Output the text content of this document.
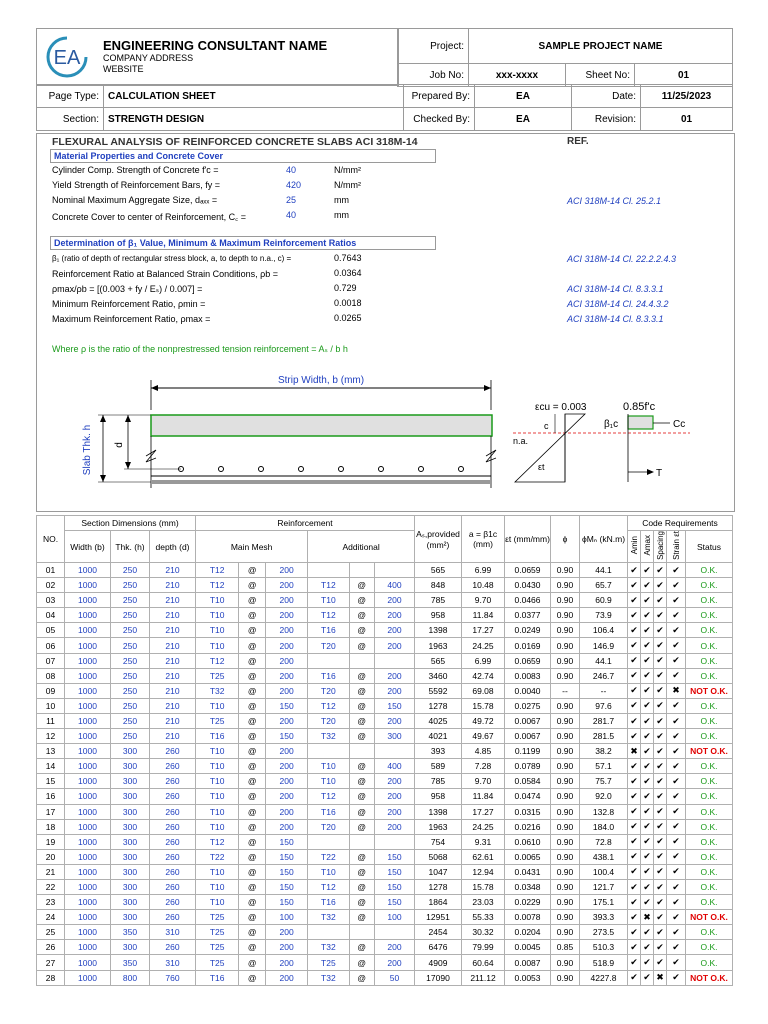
EA
ENGINEERING CONSULTANT NAME
COMPANY ADDRESS
WEBSITE
Project:	SAMPLE PROJECT NAME		
Job No:	xxx-xxxx	Sheet No:	01
Page Type:	CALCULATION SHEET	Prepared By:	EA	Date:	11/25/2023
Section:	STRENGTH DESIGN	Checked By:	EA	Revision:	01
FLEXURAL ANALYSIS OF REINFORCED CONCRETE SLABS ACI 318M-14	REF.
Material Properties and Concrete Cover
Cylinder Comp. Strength of Concrete f'c =	40	N/mm²
Yield Strength of Reinforcement Bars, fy =	420	N/mm²
Nominal Maximum Aggregate Size, dₐₓₓ =	25	mm	ACI 318M-14 Cl. 25.2.1
Concrete Cover to center of Reinforcement, C꜀ =	40	mm
Determination of β₁ Value, Minimum & Maximum Reinforcement Ratios
β₁ (ratio of depth of rectangular stress block, a, to depth to n.a., c) =	0.7643	ACI 318M-14 Cl. 22.2.2.4.3
Reinforcement Ratio at Balanced Strain Conditions, ρb =	0.0364
ρmax/ρb = [(0.003 + fy / Eₛ) / 0.007] =	0.729	ACI 318M-14 Cl. 8.3.3.1
Minimum Reinforcement Ratio, ρmin =	0.0018	ACI 318M-14 Cl. 24.4.3.2
Maximum Reinforcement Ratio, ρmax =	0.0265	ACI 318M-14 Cl. 8.3.3.1
Where ρ is the ratio of the nonprestressed tension reinforcement = Aₛ / b h
Strip Width, b (mm)
Slab Thk. h d
εcu = 0.003
c
n.a.
εt
0.85f'c
β₁c	Cc
T
NO.	Section Dimensions (mm)			Reinforcement						Aₛ,provided (mm²)	a = β1c (mm)	εt (mm/mm)	ϕ	ϕMₙ (kN.m)	Code Requirements				
	Width (b)	Thk. (h)	depth (d)	Main Mesh			Additional								Amin	Amax	Spacing	Strain εt	Status
01	1000	250	210	T12	@	200				565	6.99	0.0659	0.90	44.1	✔	✔	✔	✔	O.K.
02	1000	250	210	T12	@	200	T12	@	400	848	10.48	0.0430	0.90	65.7	✔	✔	✔	✔	O.K.
03	1000	250	210	T10	@	200	T10	@	200	785	9.70	0.0466	0.90	60.9	✔	✔	✔	✔	O.K.
04	1000	250	210	T10	@	200	T12	@	200	958	11.84	0.0377	0.90	73.9	✔	✔	✔	✔	O.K.
05	1000	250	210	T10	@	200	T16	@	200	1398	17.27	0.0249	0.90	106.4	✔	✔	✔	✔	O.K.
06	1000	250	210	T10	@	200	T20	@	200	1963	24.25	0.0169	0.90	146.9	✔	✔	✔	✔	O.K.
07	1000	250	210	T12	@	200				565	6.99	0.0659	0.90	44.1	✔	✔	✔	✔	O.K.
08	1000	250	210	T25	@	200	T16	@	200	3460	42.74	0.0083	0.90	246.7	✔	✔	✔	✔	O.K.
09	1000	250	210	T32	@	200	T20	@	200	5592	69.08	0.0040	--	--	✔	✔	✔	✖	NOT O.K.
10	1000	250	210	T10	@	150	T12	@	150	1278	15.78	0.0275	0.90	97.6	✔	✔	✔	✔	O.K.
11	1000	250	210	T25	@	200	T20	@	200	4025	49.72	0.0067	0.90	281.7	✔	✔	✔	✔	O.K.
12	1000	250	210	T16	@	150	T32	@	300	4021	49.67	0.0067	0.90	281.5	✔	✔	✔	✔	O.K.
13	1000	300	260	T10	@	200				393	4.85	0.1199	0.90	38.2	✖	✔	✔	✔	NOT O.K.
14	1000	300	260	T10	@	200	T10	@	400	589	7.28	0.0789	0.90	57.1	✔	✔	✔	✔	O.K.
15	1000	300	260	T10	@	200	T10	@	200	785	9.70	0.0584	0.90	75.7	✔	✔	✔	✔	O.K.
16	1000	300	260	T10	@	200	T12	@	200	958	11.84	0.0474	0.90	92.0	✔	✔	✔	✔	O.K.
17	1000	300	260	T10	@	200	T16	@	200	1398	17.27	0.0315	0.90	132.8	✔	✔	✔	✔	O.K.
18	1000	300	260	T10	@	200	T20	@	200	1963	24.25	0.0216	0.90	184.0	✔	✔	✔	✔	O.K.
19	1000	300	260	T12	@	150				754	9.31	0.0610	0.90	72.8	✔	✔	✔	✔	O.K.
20	1000	300	260	T22	@	150	T22	@	150	5068	62.61	0.0065	0.90	438.1	✔	✔	✔	✔	O.K.
21	1000	300	260	T10	@	150	T10	@	150	1047	12.94	0.0431	0.90	100.4	✔	✔	✔	✔	O.K.
22	1000	300	260	T10	@	150	T12	@	150	1278	15.78	0.0348	0.90	121.7	✔	✔	✔	✔	O.K.
23	1000	300	260	T10	@	150	T16	@	150	1864	23.03	0.0229	0.90	175.1	✔	✔	✔	✔	O.K.
24	1000	300	260	T25	@	100	T32	@	100	12951	55.33	0.0078	0.90	393.3	✔	✖	✔	✔	NOT O.K.
25	1000	350	310	T25	@	200				2454	30.32	0.0204	0.90	273.5	✔	✔	✔	✔	O.K.
26	1000	300	260	T25	@	200	T32	@	200	6476	79.99	0.0045	0.85	510.3	✔	✔	✔	✔	O.K.
27	1000	350	310	T25	@	200	T25	@	200	4909	60.64	0.0087	0.90	518.9	✔	✔	✔	✔	O.K.
28	1000	800	760	T16	@	200	T32	@	50	17090	211.12	0.0053	0.90	4227.8	✔	✔	✖	✔	NOT O.K.
